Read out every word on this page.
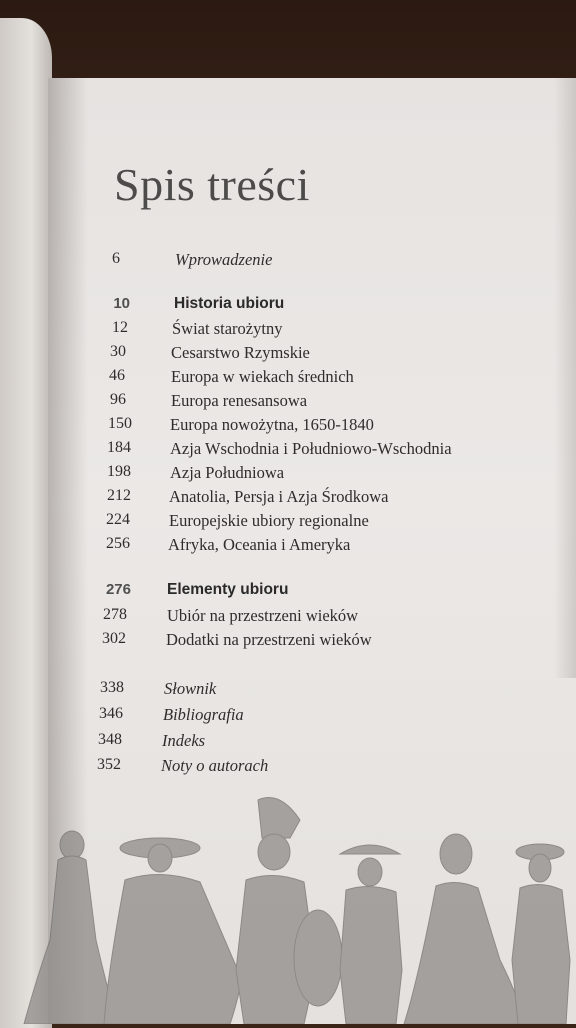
Spis treści
6	Wprowadzenie
10	Historia ubioru
12	Świat starożytny
30	Cesarstwo Rzymskie
46	Europa w wiekach średnich
96	Europa renesansowa
150 Europa nowożytna, 1650-1840
184 Azja Wschodnia i Południowo-Wschodnia
198 Azja Południowa
212 Anatolia, Persja i Azja Środkowa
224 Europejskie ubiory regionalne
256 Afryka, Oceania i Ameryka
276 Elementy ubioru
278 Ubiór na przestrzeni wieków
302 Dodatki na przestrzeni wieków
338 Słownik
346 Bibliografia
348 Indeks
352 Noty o autorach
